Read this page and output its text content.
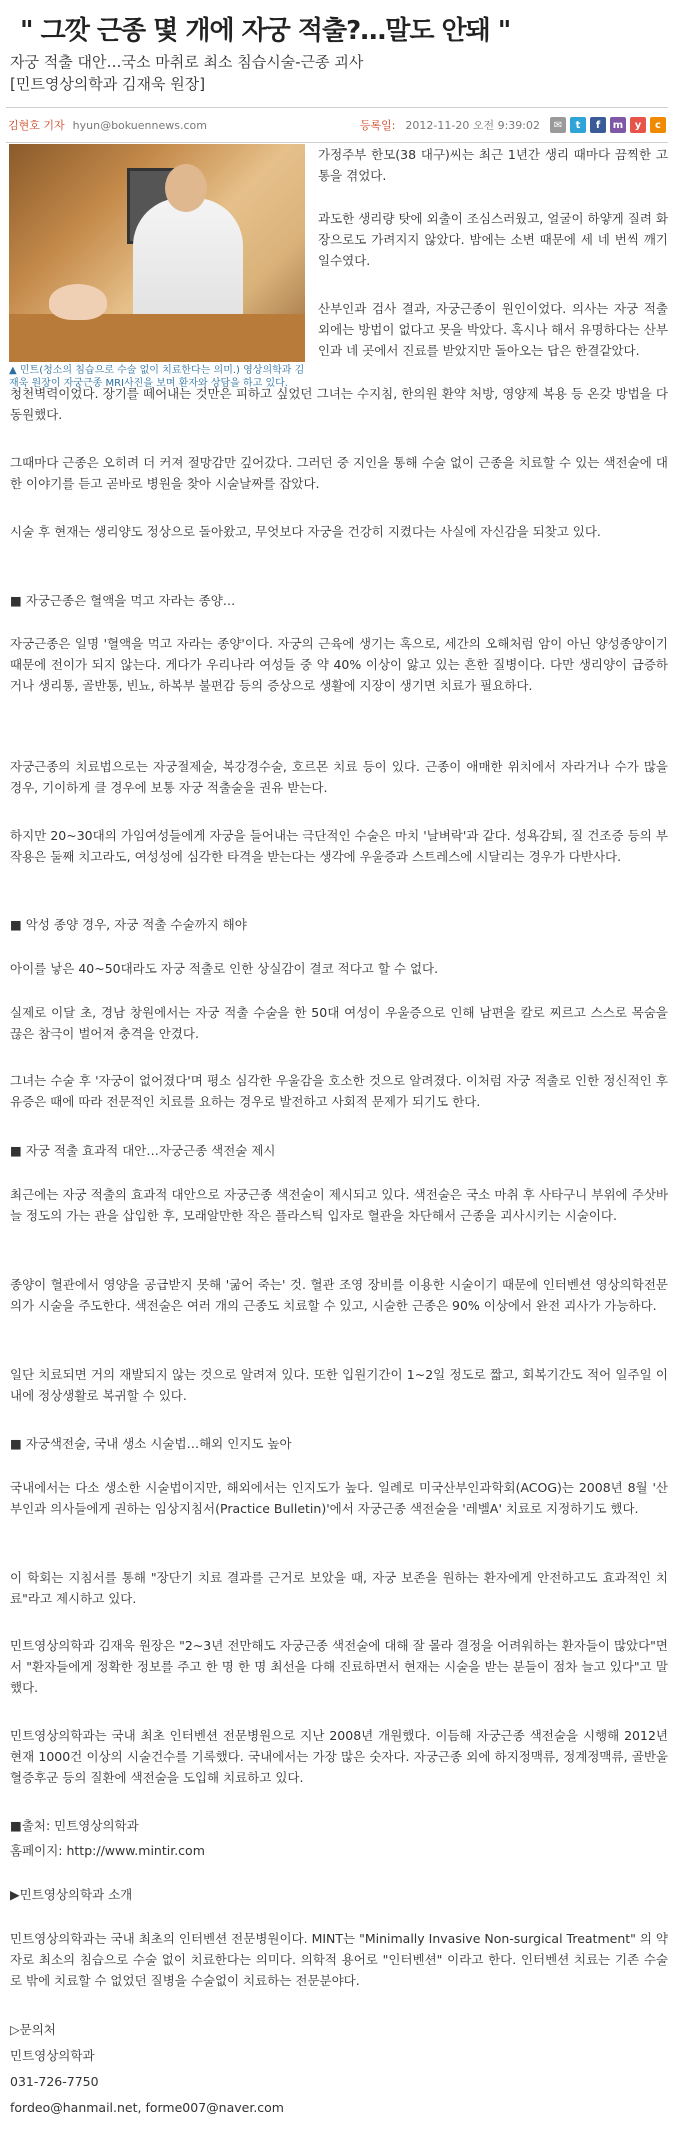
" 그깟 근종 몇 개에 자궁 적출?…말도 안돼 "
자궁 적출 대안…국소 마취로 최소 침습시술-근종 괴사
[민트영상의학과 김재욱 원장]
김현호 기자 hyun@bokuennews.com	등록일: 2012-11-20 오전 9:39:02	✉	t	f	m	y	c
▲ 민트(청소의 침습으로 수술 없이 치료한다는 의미.) 영상의학과 김재욱 원장이 자궁근종 MRI사진을 보며 환자와 상담을 하고 있다.

가정주부 한모(38 대구)씨는 최근 1년간 생리 때마다 끔찍한 고통을 겪었다.

과도한 생리량 탓에 외출이 조심스러웠고, 얼굴이 하얗게 질려 화장으로도 가려지지 않았다. 밤에는 소변 때문에 세 네 번씩 깨기 일수였다.

산부인과 검사 결과, 자궁근종이 원인이었다. 의사는 자궁 적출 외에는 방법이 없다고 못을 박았다. 혹시나 해서 유명하다는 산부인과 네 곳에서 진료를 받았지만 돌아오는 답은 한결같았다.

청천벽력이었다. 장기를 떼어내는 것만은 피하고 싶었던 그녀는 수지침, 한의원 환약 처방, 영양제 복용 등 온갖 방법을 다 동원했다.

그때마다 근종은 오히려 더 커져 절망감만 깊어갔다. 그러던 중 지인을 통해 수술 없이 근종을 치료할 수 있는 색전술에 대한 이야기를 듣고 곧바로 병원을 찾아 시술날짜를 잡았다.

시술 후 현재는 생리양도 정상으로 돌아왔고, 무엇보다 자궁을 건강히 지켰다는 사실에 자신감을 되찾고 있다.

■ 자궁근종은 혈액을 먹고 자라는 종양…

자궁근종은 일명 '혈액을 먹고 자라는 종양'이다. 자궁의 근육에 생기는 혹으로, 세간의 오해처럼 암이 아닌 양성종양이기 때문에 전이가 되지 않는다. 게다가 우리나라 여성들 중 약 40% 이상이 앓고 있는 흔한 질병이다. 다만 생리양이 급증하거나 생리통, 골반통, 빈뇨, 하복부 불편감 등의 증상으로 생활에 지장이 생기면 치료가 필요하다.

자궁근종의 치료법으로는 자궁절제술, 복강경수술, 호르몬 치료 등이 있다. 근종이 애매한 위치에서 자라거나 수가 많을 경우, 기이하게 클 경우에 보통 자궁 적출술을 권유 받는다.

하지만 20~30대의 가임여성들에게 자궁을 들어내는 극단적인 수술은 마치 '날벼락'과 같다. 성욕감퇴, 질 건조증 등의 부작용은 둘째 치고라도, 여성성에 심각한 타격을 받는다는 생각에 우울증과 스트레스에 시달리는 경우가 다반사다.

■ 악성 종양 경우, 자궁 적출 수술까지 해야

아이를 낳은 40~50대라도 자궁 적출로 인한 상실감이 결코 적다고 할 수 없다.

실제로 이달 초, 경남 창원에서는 자궁 적출 수술을 한 50대 여성이 우울증으로 인해 남편을 칼로 찌르고 스스로 목숨을 끊은 참극이 벌어져 충격을 안겼다.

그녀는 수술 후 '자궁이 없어졌다'며 평소 심각한 우울감을 호소한 것으로 알려졌다. 이처럼 자궁 적출로 인한 정신적인 후유증은 때에 따라 전문적인 치료를 요하는 경우로 발전하고 사회적 문제가 되기도 한다.

■ 자궁 적출 효과적 대안…자궁근종 색전술 제시

최근에는 자궁 적출의 효과적 대안으로 자궁근종 색전술이 제시되고 있다. 색전술은 국소 마취 후 사타구니 부위에 주삿바늘 정도의 가는 관을 삽입한 후, 모래알만한 작은 플라스틱 입자로 혈관을 차단해서 근종을 괴사시키는 시술이다.

종양이 혈관에서 영양을 공급받지 못해 '굶어 죽는' 것. 혈관 조영 장비를 이용한 시술이기 때문에 인터벤션 영상의학전문의가 시술을 주도한다. 색전술은 여러 개의 근종도 치료할 수 있고, 시술한 근종은 90% 이상에서 완전 괴사가 가능하다.

일단 치료되면 거의 재발되지 않는 것으로 알려져 있다. 또한 입원기간이 1~2일 정도로 짧고, 회복기간도 적어 일주일 이내에 정상생활로 복귀할 수 있다.

■ 자궁색전술, 국내 생소 시술법…해외 인지도 높아

국내에서는 다소 생소한 시술법이지만, 해외에서는 인지도가 높다. 일례로 미국산부인과학회(ACOG)는 2008년 8월 '산부인과 의사들에게 권하는 임상지침서(Practice Bulletin)'에서 자궁근종 색전술을 '레벨A' 치료로 지정하기도 했다.

이 학회는 지침서를 통해 "장단기 치료 결과를 근거로 보았을 때, 자궁 보존을 원하는 환자에게 안전하고도 효과적인 치료"라고 제시하고 있다.

민트영상의학과 김재욱 원장은 "2~3년 전만해도 자궁근종 색전술에 대해 잘 몰라 결정을 어려워하는 환자들이 많았다"면서 "환자들에게 정확한 정보를 주고 한 명 한 명 최선을 다해 진료하면서 현재는 시술을 받는 분들이 점차 늘고 있다"고 말했다.

민트영상의학과는 국내 최초 인터벤션 전문병원으로 지난 2008년 개원했다. 이듬해 자궁근종 색전술을 시행해 2012년 현재 1000건 이상의 시술건수를 기록했다. 국내에서는 가장 많은 숫자다. 자궁근종 외에 하지정맥류, 정계정맥류, 골반울혈증후군 등의 질환에 색전술을 도입해 치료하고 있다.

■출처: 민트영상의학과

홈페이지: http://www.mintir.com

▶민트영상의학과 소개

민트영상의학과는 국내 최초의 인터벤션 전문병원이다. MINT는 "Minimally Invasive Non-surgical Treatment" 의 약자로 최소의 침습으로 수술 없이 치료한다는 의미다. 의학적 용어로 "인터벤션" 이라고 한다. 인터벤션 치료는 기존 수술로 밖에 치료할 수 없었던 질병을 수술없이 치료하는 전문분야다.

▷문의처

민트영상의학과

031-726-7750

fordeo@hanmail.net, forme007@naver.com
